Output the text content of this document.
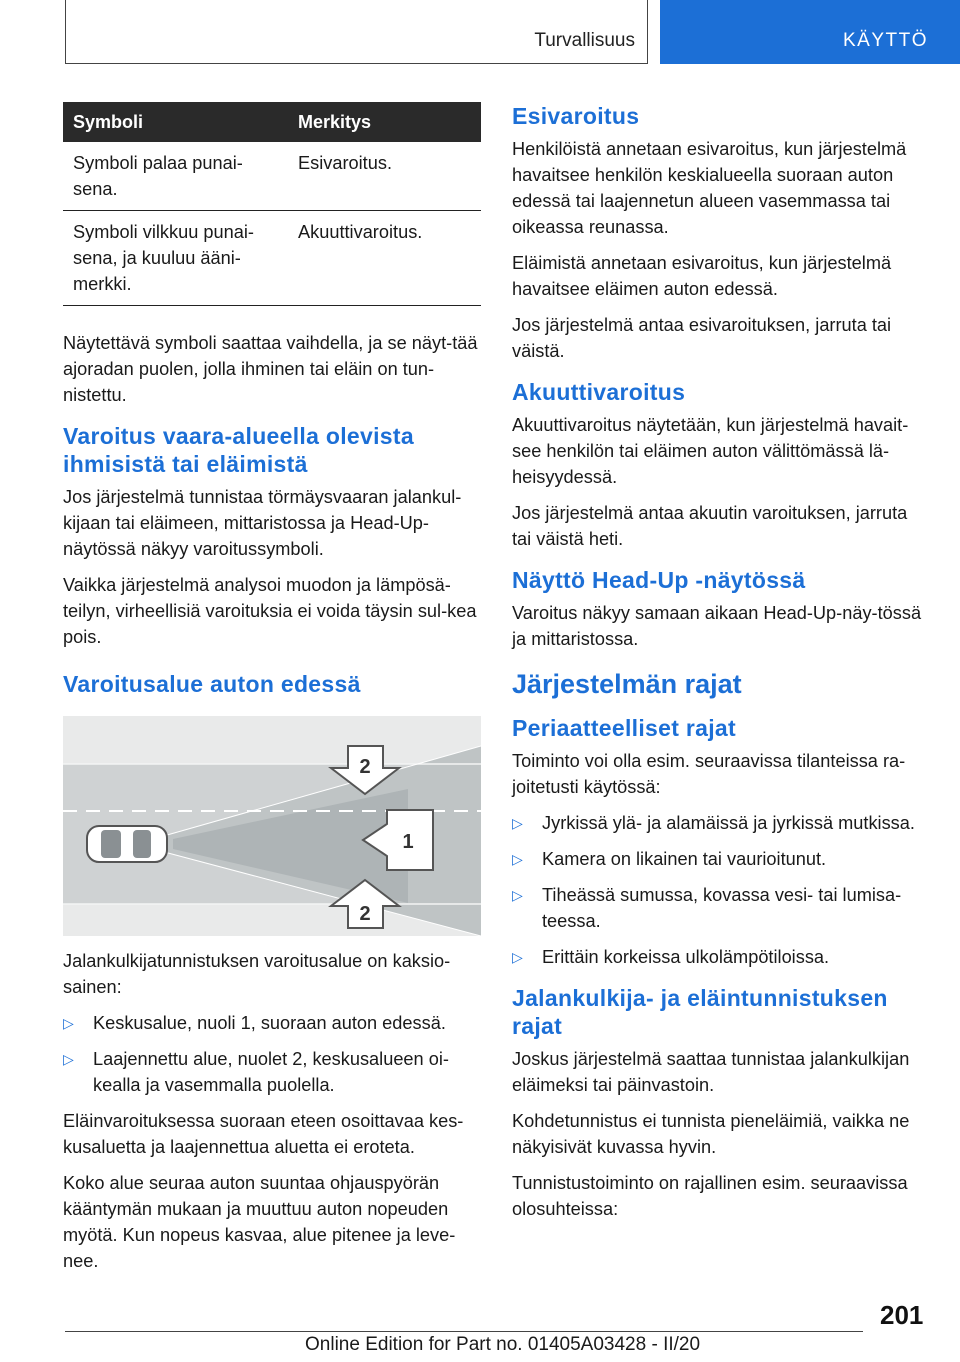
Turvallisuus	KÄYTTÖ
Symboli	Merkitys
Symboli palaa punai-sena.	Esivaroitus.
Symboli vilkkuu punai-sena, ja kuuluu ääni-merkki.	Akuuttivaroitus.

Näytettävä symboli saattaa vaihdella, ja se näyt-tää ajoradan puolen, jolla ihminen tai eläin on tun-nistettu.

Varoitus vaara-alueella olevista ihmisistä tai eläimistä

Jos järjestelmä tunnistaa törmäysvaaran jalankul-kijaan tai eläimeen, mittaristossa ja Head-Up-näytössä näkyy varoitussymboli.

Vaikka järjestelmä analysoi muodon ja lämpösä-teilyn, virheellisiä varoituksia ei voida täysin sul-kea pois.

Varoitusalue auton edessä
2
1
2

Jalankulkijatunnistuksen varoitusalue on kaksio-sainen:

▷ Keskusalue, nuoli 1, suoraan auton edessä.
▷ Laajennettu alue, nuolet 2, keskusalueen oi-kealla ja vasemmalla puolella.

Eläinvaroituksessa suoraan eteen osoittavaa kes-kusaluetta ja laajennettua aluetta ei eroteta.

Koko alue seuraa auton suuntaa ohjauspyörän kääntymän mukaan ja muuttuu auton nopeuden myötä. Kun nopeus kasvaa, alue pitenee ja leve-nee.

Esivaroitus

Henkilöistä annetaan esivaroitus, kun järjestelmä havaitsee henkilön keskialueella suoraan auton edessä tai laajennetun alueen vasemmassa tai oikeassa reunassa.

Eläimistä annetaan esivaroitus, kun järjestelmä havaitsee eläimen auton edessä.

Jos järjestelmä antaa esivaroituksen, jarruta tai väistä.

Akuuttivaroitus

Akuuttivaroitus näytetään, kun järjestelmä havait-see henkilön tai eläimen auton välittömässä lä-heisyydessä.

Jos järjestelmä antaa akuutin varoituksen, jarruta tai väistä heti.

Näyttö Head-Up -näytössä

Varoitus näkyy samaan aikaan Head-Up-näy-tössä ja mittaristossa.

Järjestelmän rajat
Periaatteelliset rajat

Toiminto voi olla esim. seuraavissa tilanteissa ra-joitetusti käytössä:

▷ Jyrkissä ylä- ja alamäissä ja jyrkissä mutkissa.
▷ Kamera on likainen tai vaurioitunut.
▷ Tiheässä sumussa, kovassa vesi- tai lumisa-teessa.
▷ Erittäin korkeissa ulkolämpötiloissa.
Jalankulkija- ja eläintunnistuksen rajat

Joskus järjestelmä saattaa tunnistaa jalankulkijan eläimeksi tai päinvastoin.

Kohdetunnistus ei tunnista pieneläimiä, vaikka ne näkyisivät kuvassa hyvin.

Tunnistustoiminto on rajallinen esim. seuraavissa olosuhteissa:

201
Online Edition for Part no. 01405A03428 - II/20
